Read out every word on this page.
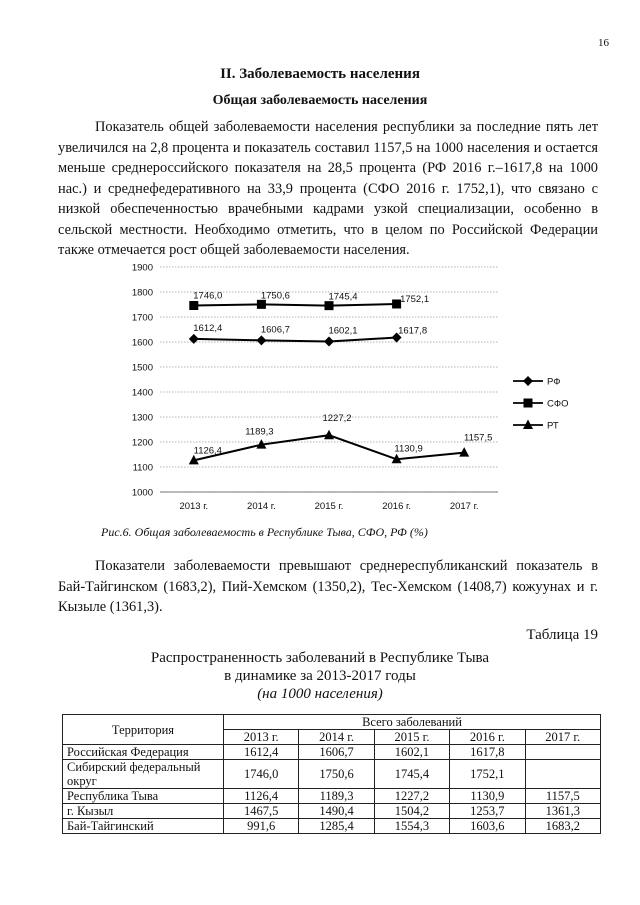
16
II. Заболеваемость населения
Общая заболеваемость населения

Показатель общей заболеваемости населения республики за последние пять лет увеличился на 2,8 процента и показатель составил 1157,5 на 1000 населения и остается меньше среднероссийского показателя на 28,5 процента (РФ 2016 г.–1617,8 на 1000 нас.) и среднефедеративного на 33,9 процента (СФО 2016 г. 1752,1), что связано с низкой обеспеченностью врачебными кадрами узкой специализации, особенно в сельской местности. Необходимо отметить, что в целом по Российской Федерации также отмечается рост общей заболеваемости населения.

1000
1100
1200
1300
1400
1500
1600
1700
1800
1900
2013 г.	2014 г.	2015 г.	2016 г.	2017 г.
1612,4	1606,7	1602,1	1617,8
1746,0	1750,6	1745,4	1752,1
1126,4
1189,3
1227,2
1130,9
1157,5
РФ
СФО
РТ
Рис.6. Общая заболеваемость в Республике Тыва, СФО, РФ (%)

Показатели заболеваемости превышают среднереспубликанский показатель в Бай-Тайгинском (1683,2), Пий-Хемском (1350,2), Тес-Хемском (1408,7) кожуунах и г. Кызыле (1361,3).

Таблица 19
Распространенность заболеваний в Республике Тыва
в динамике за 2013-2017 годы
(на 1000 населения)
Территория	Всего заболеваний				
	2013 г.	2014 г.	2015 г.	2016 г.	2017 г.
Российская Федерация	1612,4	1606,7	1602,1	1617,8	
Сибирский федеральный округ	1746,0	1750,6	1745,4	1752,1	
Республика Тыва	1126,4	1189,3	1227,2	1130,9	1157,5
г. Кызыл	1467,5	1490,4	1504,2	1253,7	1361,3
Бай-Тайгинский	991,6	1285,4	1554,3	1603,6	1683,2
